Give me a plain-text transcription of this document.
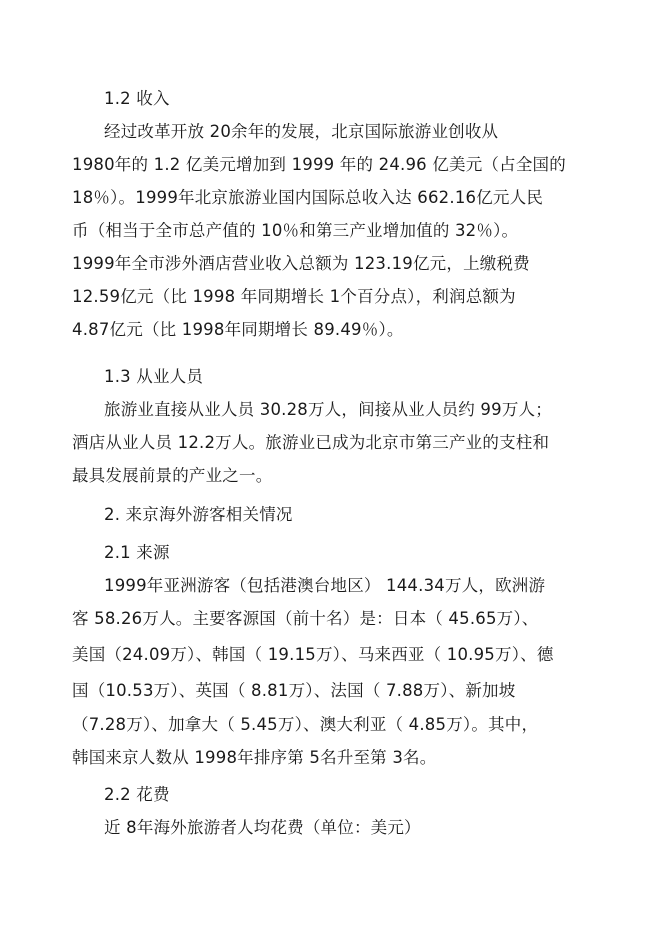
1.2 收入
经过改革开放 20余年的发展，北京国际旅游业创收从
1980年的 1.2 亿美元增加到 1999 年的 24.96 亿美元（占全国的
18％）。1999年北京旅游业国内国际总收入达 662.16亿元人民
币（相当于全市总产值的 10％和第三产业增加值的 32％）。
1999年全市涉外酒店营业收入总额为 123.19亿元，上缴税费
12.59亿元（比 1998 年同期增长 1个百分点），利润总额为
4.87亿元（比 1998年同期增长 89.49％）。
1.3 从业人员
旅游业直接从业人员 30.28万人，间接从业人员约 99万人；
酒店从业人员 12.2万人。旅游业已成为北京市第三产业的支柱和
最具发展前景的产业之一。
2. 来京海外游客相关情况
2.1 来源
1999年亚洲游客（包括港澳台地区） 144.34万人，欧洲游
客 58.26万人。主要客源国（前十名）是：日本（ 45.65万）、
美国（24.09万）、韩国（ 19.15万）、马来西亚（ 10.95万）、德
国（10.53万）、英国（ 8.81万）、法国（ 7.88万）、新加坡
（7.28万）、加拿大（ 5.45万）、澳大利亚（ 4.85万）。其中，
韩国来京人数从 1998年排序第 5名升至第 3名。
2.2 花费
近 8年海外旅游者人均花费（单位：美元）
